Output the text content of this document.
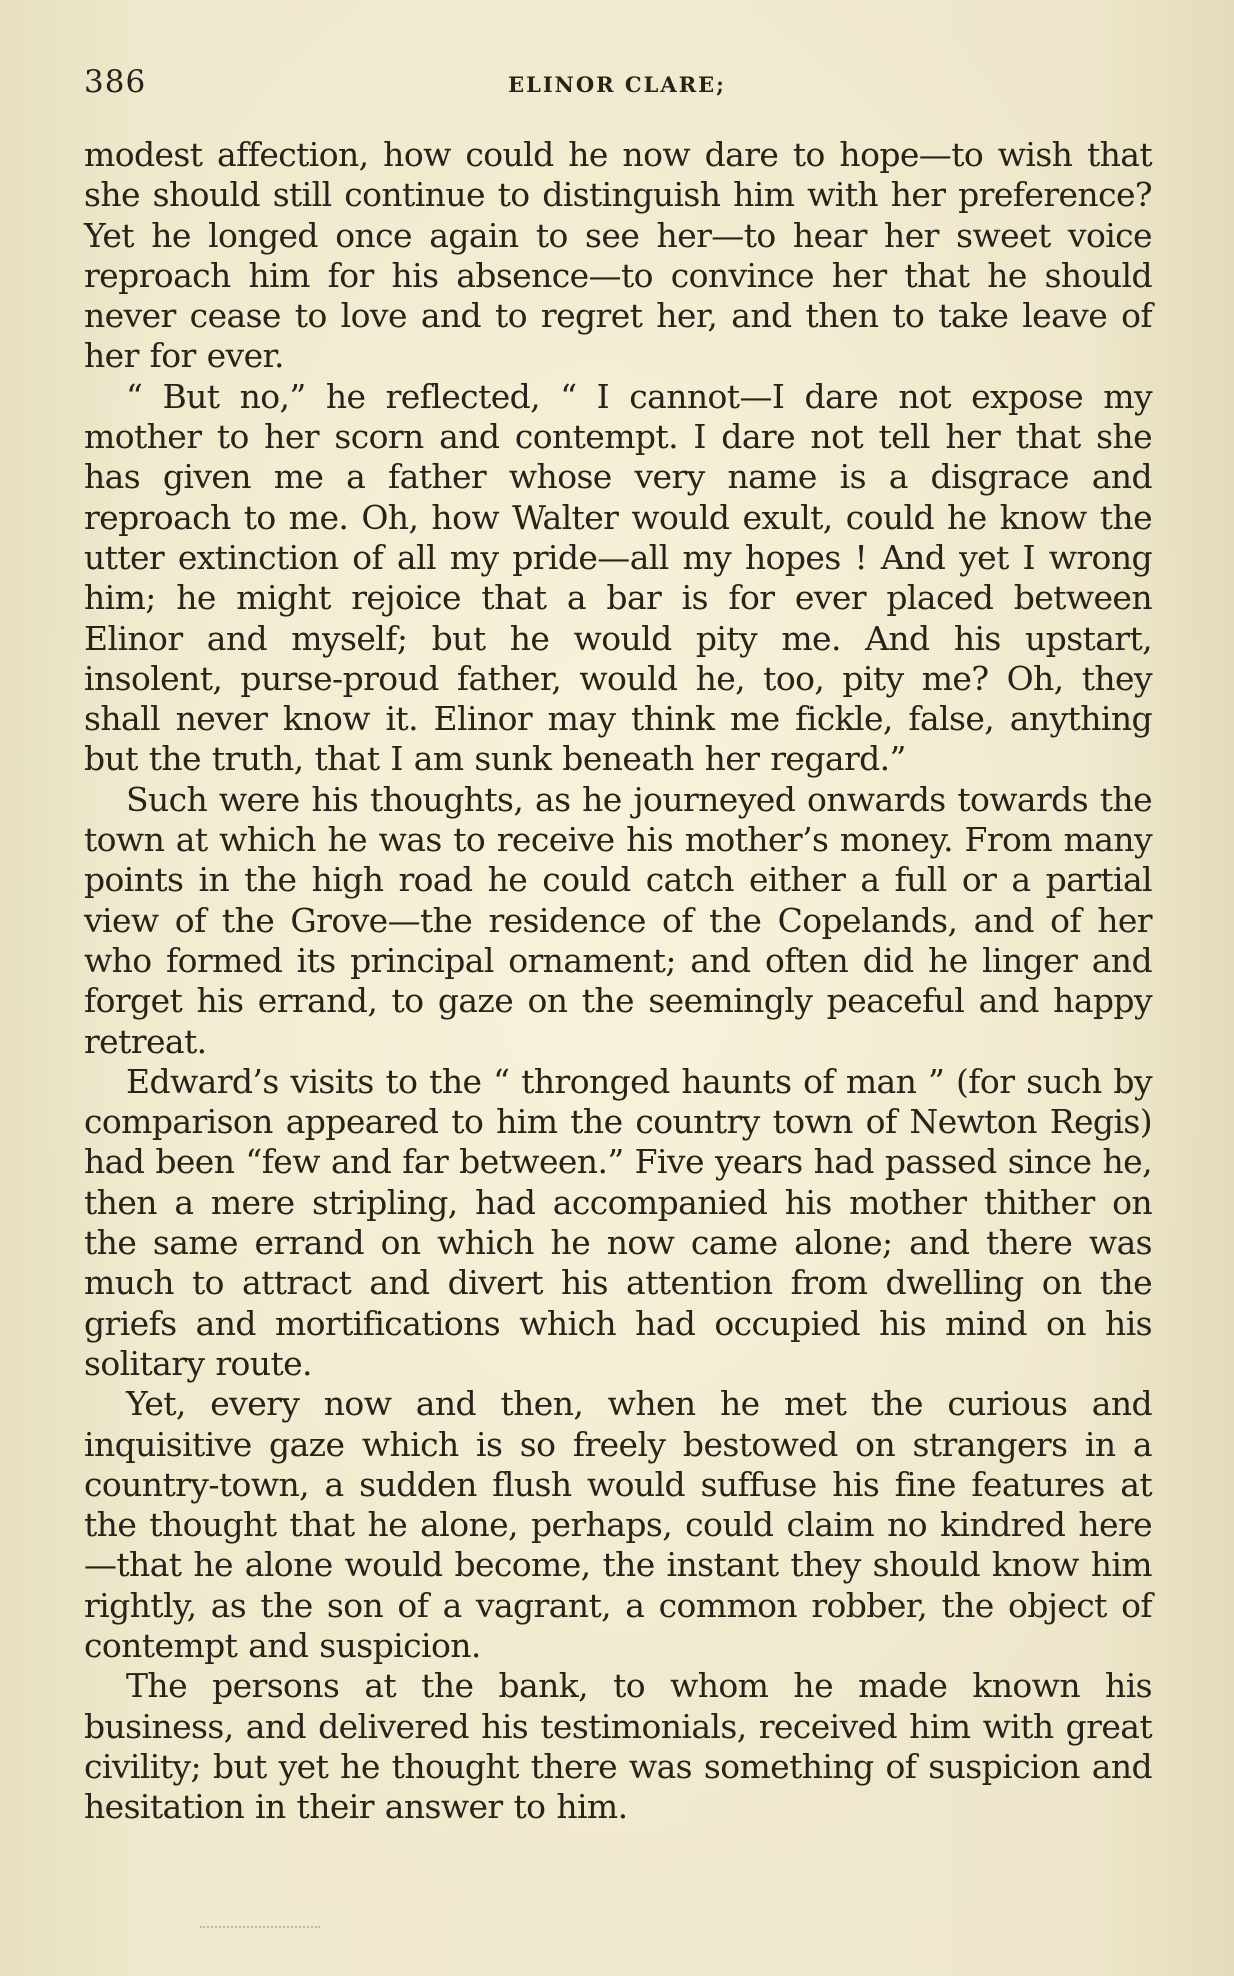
386	ELINOR CLARE;

modest affection, how could he now dare to hope—to wish that she should still continue to distinguish him with her preference? Yet he longed once again to see her—to hear her sweet voice reproach him for his absence—to convince her that he should never cease to love and to regret her, and then to take leave of her for ever.

“ But no,” he reflected, “ I cannot—I dare not expose my mother to her scorn and contempt. I dare not tell her that she has given me a father whose very name is a disgrace and reproach to me. Oh, how Walter would exult, could he know the utter extinction of all my pride—all my hopes ! And yet I wrong him; he might rejoice that a bar is for ever placed between Elinor and myself; but he would pity me. And his upstart, insolent, purse-proud father, would he, too, pity me? Oh, they shall never know it. Elinor may think me fickle, false, anything but the truth, that I am sunk beneath her regard.”

Such were his thoughts, as he journeyed onwards towards the town at which he was to receive his mother’s money. From many points in the high road he could catch either a full or a partial view of the Grove—the residence of the Copelands, and of her who formed its principal ornament; and often did he linger and forget his errand, to gaze on the seemingly peaceful and happy retreat.

Edward’s visits to the “ thronged haunts of man ” (for such by comparison appeared to him the country town of Newton Regis) had been “few and far between.” Five years had passed since he, then a mere stripling, had accompanied his mother thither on the same errand on which he now came alone; and there was much to attract and divert his attention from dwelling on the griefs and mortifications which had occupied his mind on his solitary route.

Yet, every now and then, when he met the curious and inquisitive gaze which is so freely bestowed on strangers in a country-town, a sudden flush would suffuse his fine features at the thought that he alone, perhaps, could claim no kindred here —that he alone would become, the instant they should know him rightly, as the son of a vagrant, a common robber, the object of contempt and suspicion.

The persons at the bank, to whom he made known his business, and delivered his testimonials, received him with great civility; but yet he thought there was something of suspicion and hesitation in their answer to him.
